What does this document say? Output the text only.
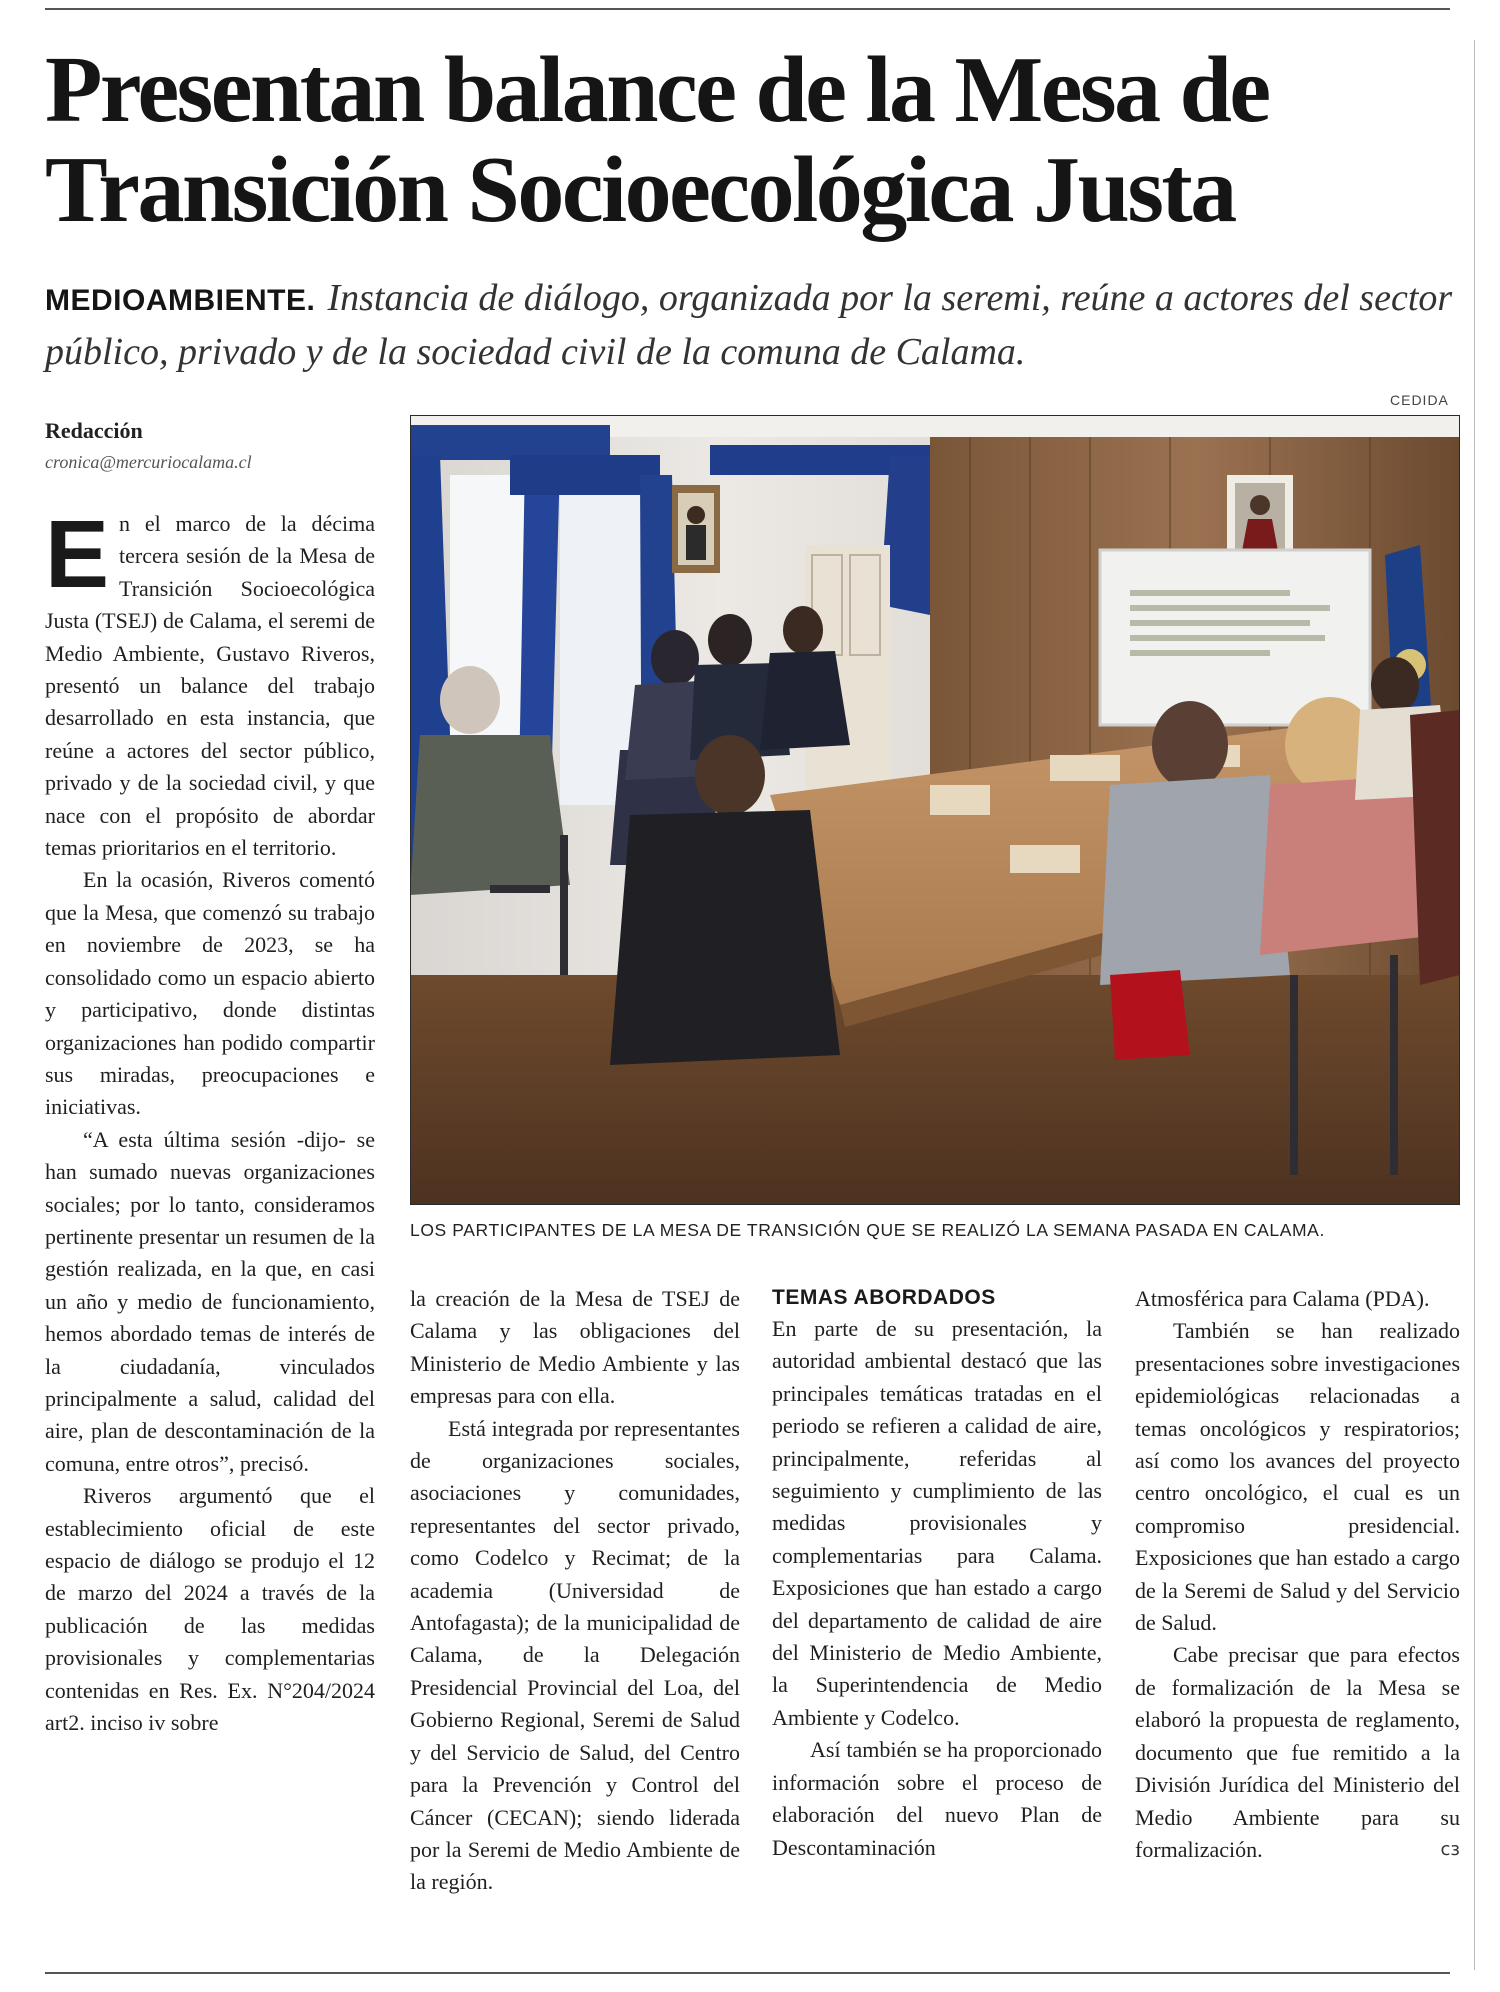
Presentan balance de la Mesa de
Transición Socioecológica Justa
MEDIOAMBIENTE. Instancia de diálogo, organizada por la seremi, reúne a actores del sector público, privado y de la sociedad civil de la comuna de Calama.
CEDIDA
Redacción
cronica@mercuriocalama.cl

En el marco de la décima tercera sesión de la Mesa de Transición Socioecológica Justa (TSEJ) de Calama, el seremi de Medio Ambiente, Gustavo Riveros, presentó un balance del trabajo desarrollado en esta instancia, que reúne a actores del sector público, privado y de la sociedad civil, y que nace con el propósito de abordar temas prioritarios en el territorio.

En la ocasión, Riveros comentó que la Mesa, que comenzó su trabajo en noviembre de 2023, se ha consolidado como un espacio abierto y participativo, donde distintas organizaciones han podido compartir sus miradas, preocupaciones e iniciativas.

“A esta última sesión -dijo- se han sumado nuevas organizaciones sociales; por lo tanto, consideramos pertinente presentar un resumen de la gestión realizada, en la que, en casi un año y medio de funcionamiento, hemos abordado temas de interés de la ciudadanía, vinculados principalmente a salud, calidad del aire, plan de descontaminación de la comuna, entre otros”, precisó.

Riveros argumentó que el establecimiento oficial de este espacio de diálogo se produjo el 12 de marzo del 2024 a través de la publicación de las medidas provisionales y complementarias contenidas en Res. Ex. N°204/2024 art2. inciso iv sobre

LOS PARTICIPANTES DE LA MESA DE TRANSICIÓN QUE SE REALIZÓ LA SEMANA PASADA EN CALAMA.

la creación de la Mesa de TSEJ de Calama y las obligaciones del Ministerio de Medio Ambiente y las empresas para con ella.

Está integrada por representantes de organizaciones sociales, asociaciones y comunidades, representantes del sector privado, como Codelco y Recimat; de la academia (Universidad de Antofagasta); de la municipalidad de Calama, de la Delegación Presidencial Provincial del Loa, del Gobierno Regional, Seremi de Salud y del Servicio de Salud, del Centro para la Prevención y Control del Cáncer (CECAN); siendo liderada por la Seremi de Medio Ambiente de la región.

TEMAS ABORDADOS

En parte de su presentación, la autoridad ambiental destacó que las principales temáticas tratadas en el periodo se refieren a calidad de aire, principalmente, referidas al seguimiento y cumplimiento de las medidas provisionales y complementarias para Calama. Exposiciones que han estado a cargo del departamento de calidad de aire del Ministerio de Medio Ambiente, la Superintendencia de Medio Ambiente y Codelco.

Así también se ha proporcionado información sobre el proceso de elaboración del nuevo Plan de Descontaminación

Atmosférica para Calama (PDA).

También se han realizado presentaciones sobre investigaciones epidemiológicas relacionadas a temas oncológicos y respiratorios; así como los avances del proyecto centro oncológico, el cual es un compromiso presidencial. Exposiciones que han estado a cargo de la Seremi de Salud y del Servicio de Salud.

Cabe precisar que para efectos de formalización de la Mesa se elaboró la propuesta de reglamento, documento que fue remitido a la División Jurídica del Ministerio del Medio Ambiente para su formalización.	cз
